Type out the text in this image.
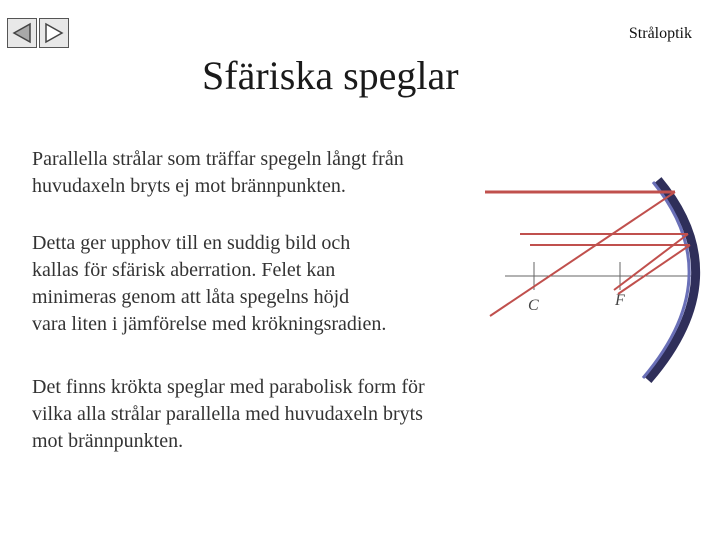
Stråloptik
Sfäriska speglar
Parallella strålar som träffar spegeln långt från
huvudaxeln bryts ej mot brännpunkten.
Detta ger upphov till en suddig bild och
kallas för sfärisk aberration. Felet kan
minimeras genom att låta spegelns höjd
vara liten i jämförelse med krökningsradien.
Det finns krökta speglar med parabolisk form för
vilka alla strålar parallella med huvudaxeln bryts
mot brännpunkten.
C	F
